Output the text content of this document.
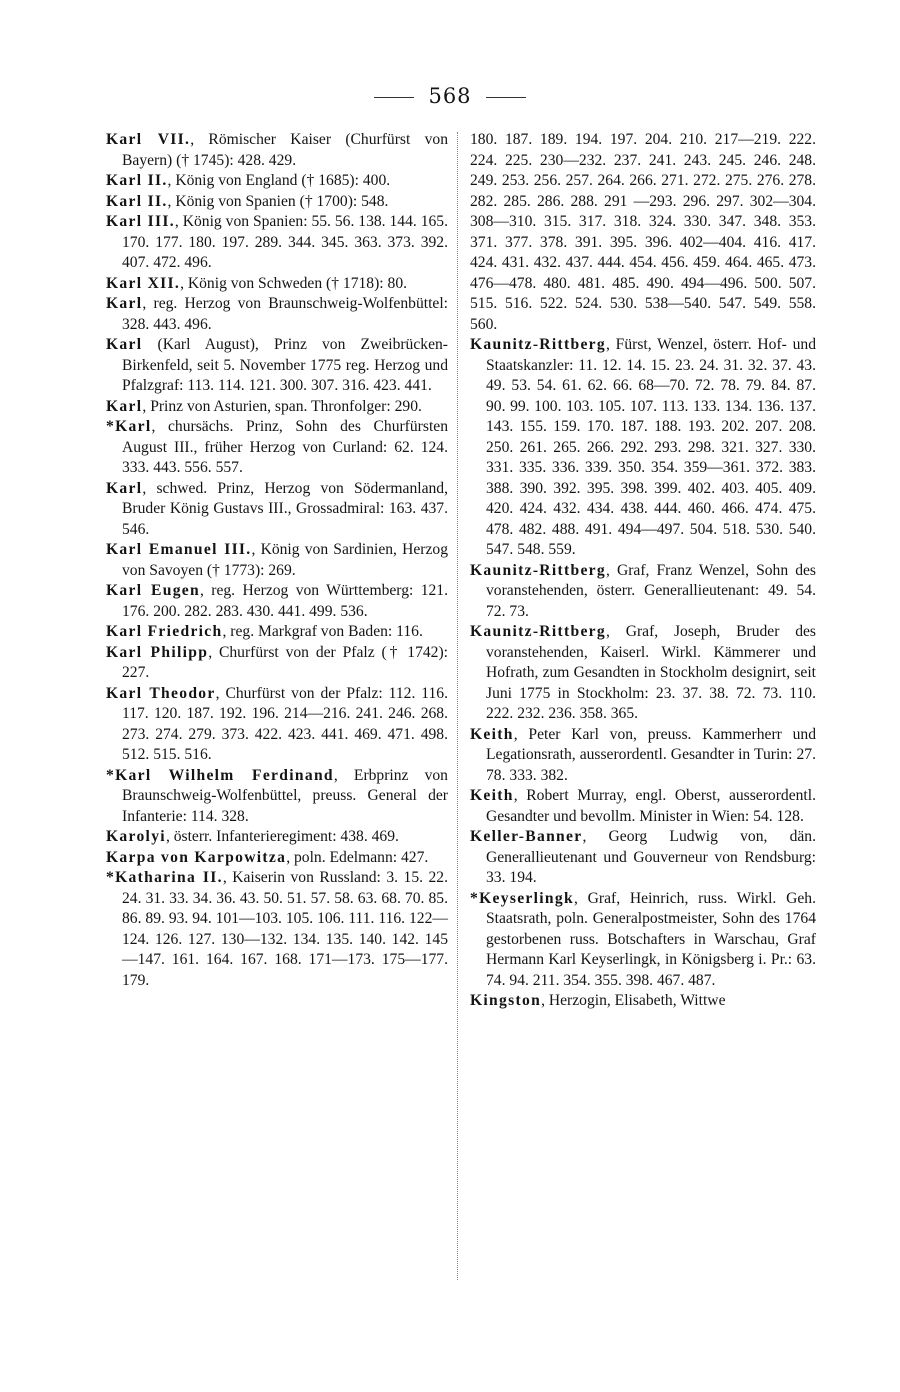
568

Karl VII., Römischer Kaiser (Churfürst von Bayern) († 1745): 428. 429.

Karl II., König von England († 1685): 400.

Karl II., König von Spanien († 1700): 548.

Karl III., König von Spanien: 55. 56. 138. 144. 165. 170. 177. 180. 197. 289. 344. 345. 363. 373. 392. 407. 472. 496.

Karl XII., König von Schweden († 1718): 80.

Karl, reg. Herzog von Braunschweig-Wolfenbüttel: 328. 443. 496.

Karl (Karl August), Prinz von Zweibrücken-Birkenfeld, seit 5. November 1775 reg. Herzog und Pfalzgraf: 113. 114. 121. 300. 307. 316. 423. 441.

Karl, Prinz von Asturien, span. Thronfolger: 290.

*Karl, chursächs. Prinz, Sohn des Churfürsten August III., früher Herzog von Curland: 62. 124. 333. 443. 556. 557.

Karl, schwed. Prinz, Herzog von Södermanland, Bruder König Gustavs III., Grossadmiral: 163. 437. 546.

Karl Emanuel III., König von Sardinien, Herzog von Savoyen († 1773): 269.

Karl Eugen, reg. Herzog von Württemberg: 121. 176. 200. 282. 283. 430. 441. 499. 536.

Karl Friedrich, reg. Markgraf von Baden: 116.

Karl Philipp, Churfürst von der Pfalz († 1742): 227.

Karl Theodor, Churfürst von der Pfalz: 112. 116. 117. 120. 187. 192. 196. 214—216. 241. 246. 268. 273. 274. 279. 373. 422. 423. 441. 469. 471. 498. 512. 515. 516.

*Karl Wilhelm Ferdinand, Erbprinz von Braunschweig-Wolfenbüttel, preuss. General der Infanterie: 114. 328.

Karolyi, österr. Infanterieregiment: 438. 469.

Karpa von Karpowitza, poln. Edelmann: 427.

*Katharina II., Kaiserin von Russland: 3. 15. 22. 24. 31. 33. 34. 36. 43. 50. 51. 57. 58. 63. 68. 70. 85. 86. 89. 93. 94. 101—103. 105. 106. 111. 116. 122—124. 126. 127. 130—132. 134. 135. 140. 142. 145—147. 161. 164. 167. 168. 171—173. 175—177. 179.

180. 187. 189. 194. 197. 204. 210. 217—219. 222. 224. 225. 230—232. 237. 241. 243. 245. 246. 248. 249. 253. 256. 257. 264. 266. 271. 272. 275. 276. 278. 282. 285. 286. 288. 291 —293. 296. 297. 302—304. 308—310. 315. 317. 318. 324. 330. 347. 348. 353. 371. 377. 378. 391. 395. 396. 402—404. 416. 417. 424. 431. 432. 437. 444. 454. 456. 459. 464. 465. 473. 476—478. 480. 481. 485. 490. 494—496. 500. 507. 515. 516. 522. 524. 530. 538—540. 547. 549. 558. 560.

Kaunitz-Rittberg, Fürst, Wenzel, österr. Hof- und Staatskanzler: 11. 12. 14. 15. 23. 24. 31. 32. 37. 43. 49. 53. 54. 61. 62. 66. 68—70. 72. 78. 79. 84. 87. 90. 99. 100. 103. 105. 107. 113. 133. 134. 136. 137. 143. 155. 159. 170. 187. 188. 193. 202. 207. 208. 250. 261. 265. 266. 292. 293. 298. 321. 327. 330. 331. 335. 336. 339. 350. 354. 359—361. 372. 383. 388. 390. 392. 395. 398. 399. 402. 403. 405. 409. 420. 424. 432. 434. 438. 444. 460. 466. 474. 475. 478. 482. 488. 491. 494—497. 504. 518. 530. 540. 547. 548. 559.

Kaunitz-Rittberg, Graf, Franz Wenzel, Sohn des voranstehenden, österr. Generallieutenant: 49. 54. 72. 73.

Kaunitz-Rittberg, Graf, Joseph, Bruder des voranstehenden, Kaiserl. Wirkl. Kämmerer und Hofrath, zum Gesandten in Stockholm designirt, seit Juni 1775 in Stockholm: 23. 37. 38. 72. 73. 110. 222. 232. 236. 358. 365.

Keith, Peter Karl von, preuss. Kammerherr und Legationsrath, ausserordentl. Gesandter in Turin: 27. 78. 333. 382.

Keith, Robert Murray, engl. Oberst, ausserordentl. Gesandter und bevollm. Minister in Wien: 54. 128.

Keller-Banner, Georg Ludwig von, dän. Generallieutenant und Gouverneur von Rendsburg: 33. 194.

*Keyserlingk, Graf, Heinrich, russ. Wirkl. Geh. Staatsrath, poln. Generalpostmeister, Sohn des 1764 gestorbenen russ. Botschafters in Warschau, Graf Hermann Karl Keyserlingk, in Königsberg i. Pr.: 63. 74. 94. 211. 354. 355. 398. 467. 487.

Kingston, Herzogin, Elisabeth, Wittwe
